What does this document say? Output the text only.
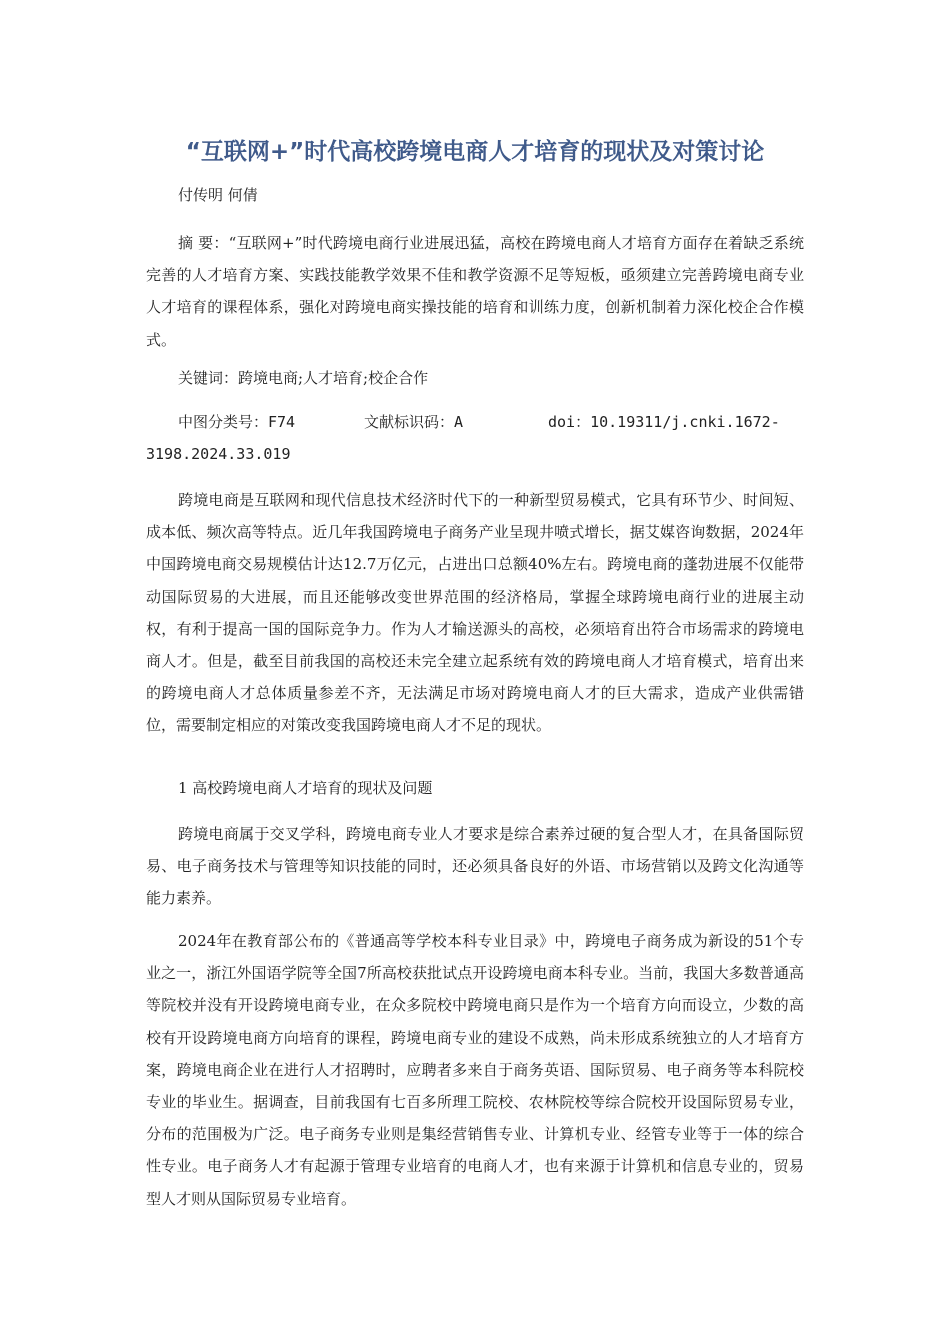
“互联网+”时代高校跨境电商人才培育的现状及对策讨论
付传明 何倩

摘 要：“互联网+”时代跨境电商行业进展迅猛，高校在跨境电商人才培育方面存在着缺乏系统完善的人才培育方案、实践技能教学效果不佳和教学资源不足等短板，亟须建立完善跨境电商专业人才培育的课程体系，强化对跨境电商实操技能的培育和训练力度，创新机制着力深化校企合作模式。

关键词：跨境电商;人才培育;校企合作
中图分类号：F74	文献标识码：A	doi：10.19311/j.cnki.1672-
3198.2024.33.019

跨境电商是互联网和现代信息技术经济时代下的一种新型贸易模式，它具有环节少、时间短、成本低、频次高等特点。近几年我国跨境电子商务产业呈现井喷式增长，据艾媒咨询数据，2024年中国跨境电商交易规模估计达12.7万亿元，占进出口总额40%左右。跨境电商的蓬勃进展不仅能带动国际贸易的大进展，而且还能够改变世界范围的经济格局，掌握全球跨境电商行业的进展主动权，有利于提高一国的国际竞争力。作为人才输送源头的高校，必须培育出符合市场需求的跨境电商人才。但是，截至目前我国的高校还未完全建立起系统有效的跨境电商人才培育模式，培育出来的跨境电商人才总体质量参差不齐，无法满足市场对跨境电商人才的巨大需求，造成产业供需错位，需要制定相应的对策改变我国跨境电商人才不足的现状。

1 高校跨境电商人才培育的现状及问题

跨境电商属于交叉学科，跨境电商专业人才要求是综合素养过硬的复合型人才，在具备国际贸易、电子商务技术与管理等知识技能的同时，还必须具备良好的外语、市场营销以及跨文化沟通等能力素养。

2024年在教育部公布的《普通高等学校本科专业目录》中，跨境电子商务成为新设的51个专业之一，浙江外国语学院等全国7所高校获批试点开设跨境电商本科专业。当前，我国大多数普通高等院校并没有开设跨境电商专业，在众多院校中跨境电商只是作为一个培育方向而设立，少数的高校有开设跨境电商方向培育的课程，跨境电商专业的建设不成熟，尚未形成系统独立的人才培育方案，跨境电商企业在进行人才招聘时，应聘者多来自于商务英语、国际贸易、电子商务等本科院校专业的毕业生。据调查，目前我国有七百多所理工院校、农林院校等综合院校开设国际贸易专业，分布的范围极为广泛。电子商务专业则是集经营销售专业、计算机专业、经管专业等于一体的综合性专业。电子商务人才有起源于管理专业培育的电商人才，也有来源于计算机和信息专业的，贸易型人才则从国际贸易专业培育。
